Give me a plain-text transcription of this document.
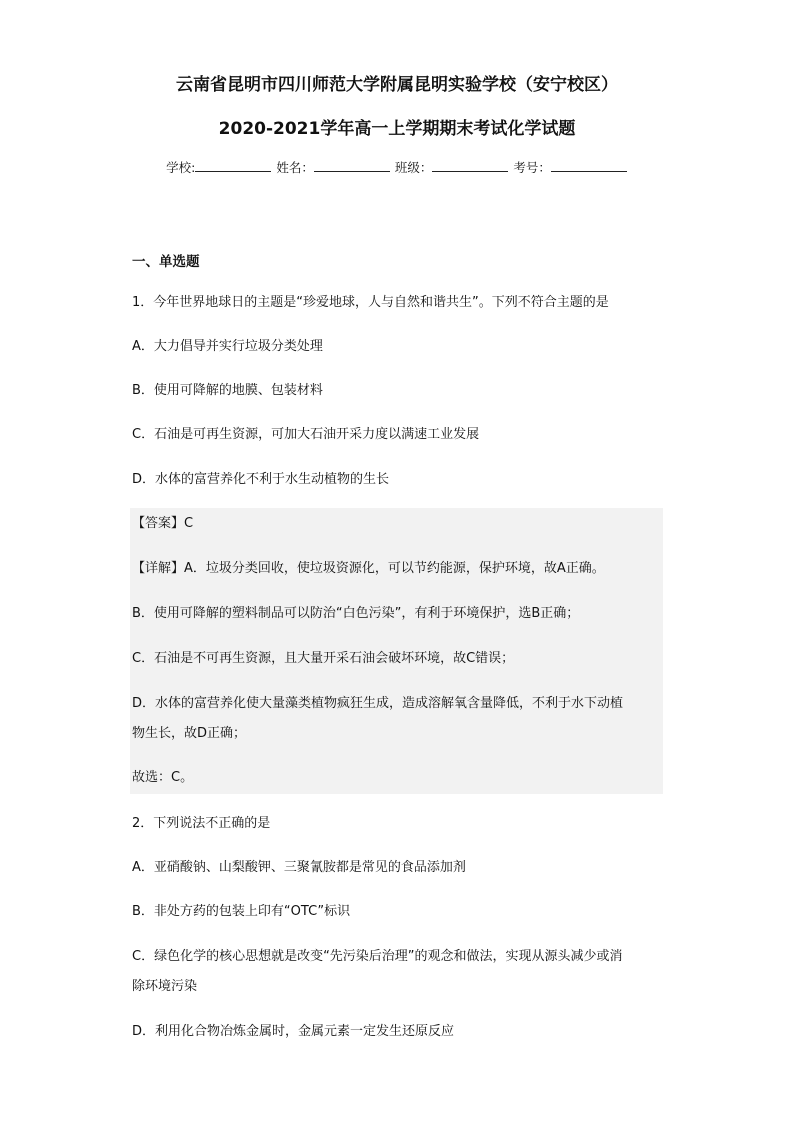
云南省昆明市四川师范大学附属昆明实验学校（安宁校区）
2020-2021学年高一上学期期末考试化学试题
学校:	姓名：	班级：	考号：
一、单选题
1．今年世界地球日的主题是“珍爱地球，人与自然和谐共生”。下列不符合主题的是
A．大力倡导并实行垃圾分类处理
B．使用可降解的地膜、包装材料
C．石油是可再生资源，可加大石油开采力度以满速工业发展
D．水体的富营养化不利于水生动植物的生长
【答案】C
【详解】A．垃圾分类回收，使垃圾资源化，可以节约能源，保护环境，故A正确。
B．使用可降解的塑料制品可以防治“白色污染”，有利于环境保护，选B正确；
C．石油是不可再生资源，且大量开采石油会破坏环境，故C错误；
D．水体的富营养化使大量藻类植物疯狂生成，造成溶解氧含量降低，不利于水下动植
物生长，故D正确；
故选：C。
2．下列说法不正确的是
A．亚硝酸钠、山梨酸钾、三聚氰胺都是常见的食品添加剂
B．非处方药的包装上印有“OTC”标识
C．绿色化学的核心思想就是改变“先污染后治理”的观念和做法，实现从源头减少或消
除环境污染
D．利用化合物冶炼金属时，金属元素一定发生还原反应
